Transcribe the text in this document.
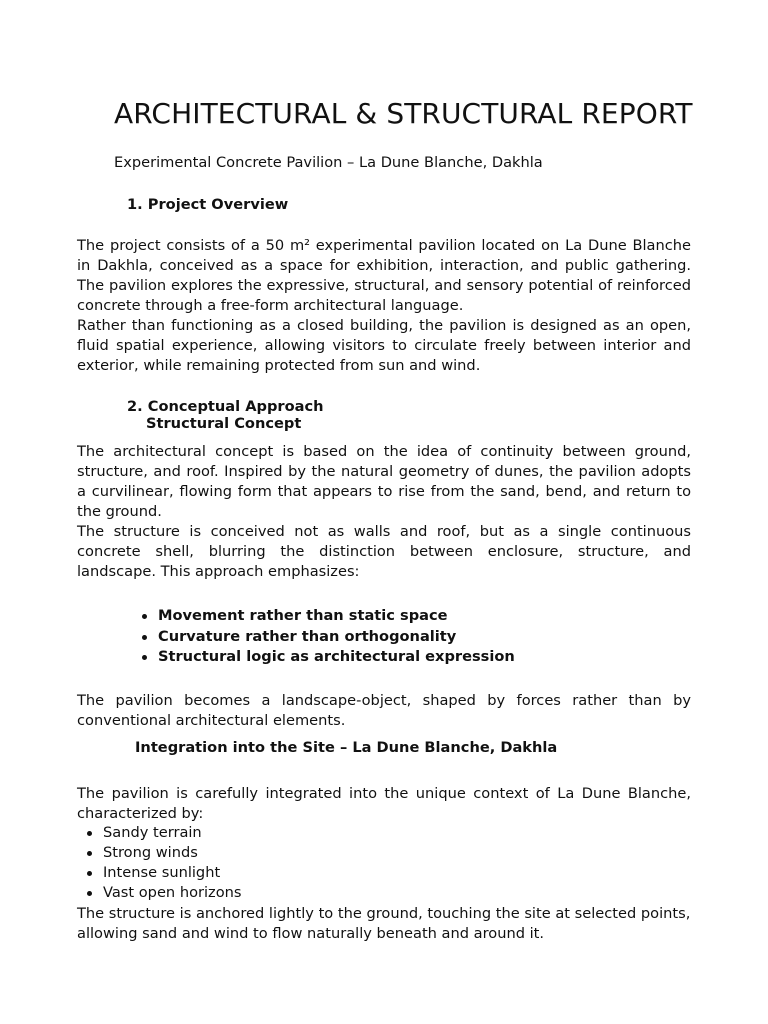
ARCHITECTURAL & STRUCTURAL REPORT
Experimental Concrete Pavilion – La Dune Blanche, Dakhla
1. Project Overview

The project consists of a 50 m² experimental pavilion located on La Dune Blanche in Dakhla, conceived as a space for exhibition, interaction, and public gathering. The pavilion explores the expressive, structural, and sensory potential of reinforced concrete through a free-form architectural language.

Rather than functioning as a closed building, the pavilion is designed as an open, fluid spatial experience, allowing visitors to circulate freely between interior and exterior, while remaining protected from sun and wind.

2. Conceptual Approach
Structural Concept

The architectural concept is based on the idea of continuity between ground, structure, and roof. Inspired by the natural geometry of dunes, the pavilion adopts a curvilinear, flowing form that appears to rise from the sand, bend, and return to the ground.

The structure is conceived not as walls and roof, but as a single continuous concrete shell, blurring the distinction between enclosure, structure, and landscape. This approach emphasizes:

Movement rather than static space
Curvature rather than orthogonality
Structural logic as architectural expression

The pavilion becomes a landscape-object, shaped by forces rather than by conventional architectural elements.

Integration into the Site – La Dune Blanche, Dakhla

The pavilion is carefully integrated into the unique context of La Dune Blanche, characterized by:

Sandy terrain
Strong winds
Intense sunlight
Vast open horizons

The structure is anchored lightly to the ground, touching the site at selected points, allowing sand and wind to flow naturally beneath and around it.
